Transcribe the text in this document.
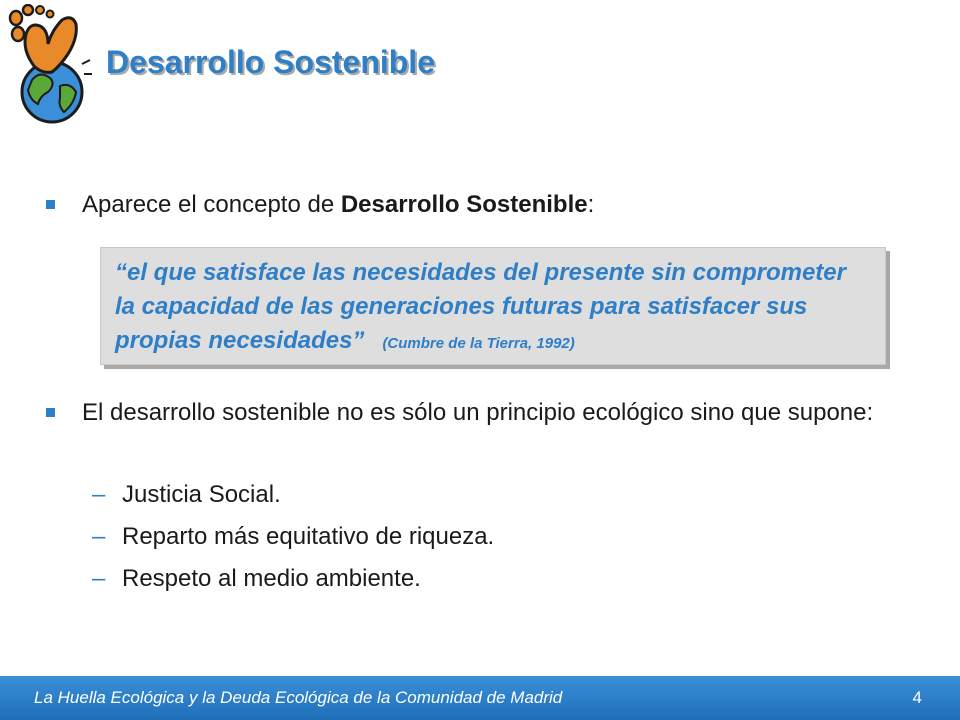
Desarrollo Sostenible
Aparece el concepto de Desarrollo Sostenible:
“el que satisface las necesidades del presente sin comprometer la capacidad de las generaciones futuras para satisfacer sus propias necesidades” (Cumbre de la Tierra, 1992)
El desarrollo sostenible no es sólo un principio ecológico sino que supone:
– Justicia Social.
– Reparto más equitativo de riqueza.
– Respeto al medio ambiente.
La Huella Ecológica y la Deuda Ecológica de la Comunidad de Madrid	4
